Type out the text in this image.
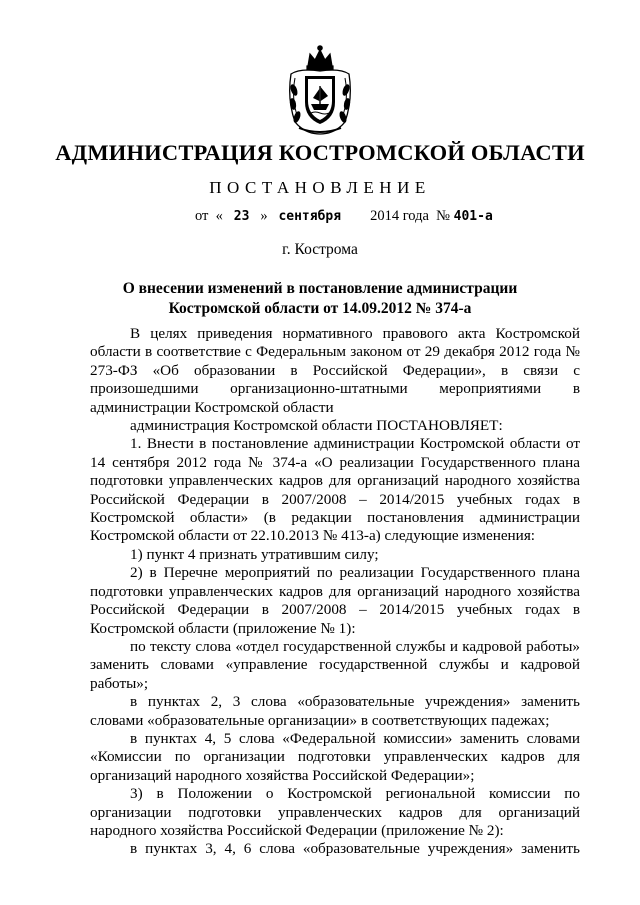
АДМИНИСТРАЦИЯ КОСТРОМСКОЙ ОБЛАСТИ
ПОСТАНОВЛЕНИЕ
от « 23 » сентября 2014 года № 401-а
г. Кострома
О внесении изменений в постановление администрации
Костромской области от 14.09.2012 № 374-а

В целях приведения нормативного правового акта Костромской области в соответствие с Федеральным законом от 29 декабря 2012 года № 273-ФЗ «Об образовании в Российской Федерации», в связи с произошедшими организационно-штатными мероприятиями в администрации Костромской области

администрация Костромской области ПОСТАНОВЛЯЕТ:

1. Внести в постановление администрации Костромской области от 14 сентября 2012 года № 374-а «О реализации Государственного плана подготовки управленческих кадров для организаций народного хозяйства Российской Федерации в 2007/2008 – 2014/2015 учебных годах в Костромской области» (в редакции постановления администрации Костромской области от 22.10.2013 № 413-а) следующие изменения:

1) пункт 4 признать утратившим силу;

2) в Перечне мероприятий по реализации Государственного плана подготовки управленческих кадров для организаций народного хозяйства Российской Федерации в 2007/2008 – 2014/2015 учебных годах в Костромской области (приложение № 1):

по тексту слова «отдел государственной службы и кадровой работы» заменить словами «управление государственной службы и кадровой работы»;

в пунктах 2, 3 слова «образовательные учреждения» заменить словами «образовательные организации» в соответствующих падежах;

в пунктах 4, 5 слова «Федеральной комиссии» заменить словами «Комиссии по организации подготовки управленческих кадров для организаций народного хозяйства Российской Федерации»;

3) в Положении о Костромской региональной комиссии по организации подготовки управленческих кадров для организаций народного хозяйства Российской Федерации (приложение № 2):

в пунктах 3, 4, 6 слова «образовательные учреждения» заменить
